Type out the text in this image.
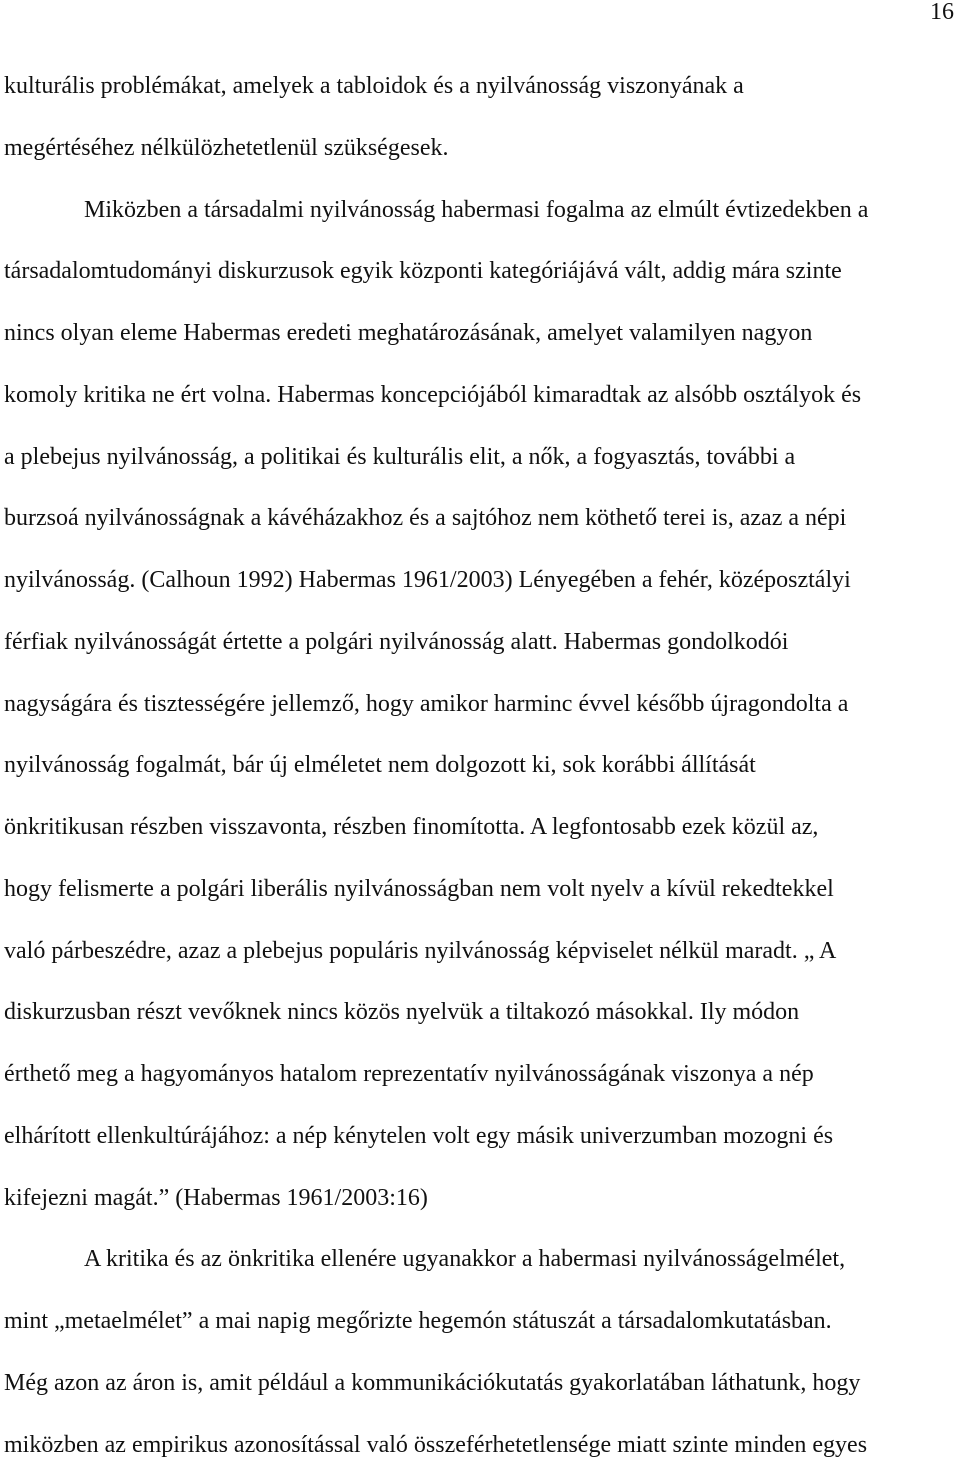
16
kulturális problémákat, amelyek a tabloidok és a nyilvánosság viszonyának a
megértéséhez nélkülözhetetlenül szükségesek.
Miközben a társadalmi nyilvánosság habermasi fogalma az elmúlt évtizedekben a
társadalomtudományi diskurzusok egyik központi kategóriájává vált, addig mára szinte
nincs olyan eleme Habermas eredeti meghatározásának, amelyet valamilyen nagyon
komoly kritika ne ért volna. Habermas koncepciójából kimaradtak az alsóbb osztályok és
a plebejus nyilvánosság, a politikai és kulturális elit, a nők, a fogyasztás, további a
burzsoá nyilvánosságnak a kávéházakhoz és a sajtóhoz nem köthető terei is, azaz a népi
nyilvánosság. (Calhoun 1992) Habermas 1961/2003) Lényegében a fehér, középosztályi
férfiak nyilvánosságát értette a polgári nyilvánosság alatt. Habermas gondolkodói
nagyságára és tisztességére jellemző, hogy amikor harminc évvel később újragondolta a
nyilvánosság fogalmát, bár új elméletet nem dolgozott ki, sok korábbi állítását
önkritikusan részben visszavonta, részben finomította. A legfontosabb ezek közül az,
hogy felismerte a polgári liberális nyilvánosságban nem volt nyelv a kívül rekedtekkel
való párbeszédre, azaz a plebejus populáris nyilvánosság képviselet nélkül maradt. „ A
diskurzusban részt vevőknek nincs közös nyelvük a tiltakozó másokkal. Ily módon
érthető meg a hagyományos hatalom reprezentatív nyilvánosságának viszonya a nép
elhárított ellenkultúrájához: a nép kénytelen volt egy másik univerzumban mozogni és
kifejezni magát.” (Habermas 1961/2003:16)
A kritika és az önkritika ellenére ugyanakkor a habermasi nyilvánosságelmélet,
mint „metaelmélet” a mai napig megőrizte hegemón státuszát a társadalomkutatásban.
Még azon az áron is, amit például a kommunikációkutatás gyakorlatában láthatunk, hogy
miközben az empirikus azonosítással való összeférhetetlensége miatt szinte minden egyes
